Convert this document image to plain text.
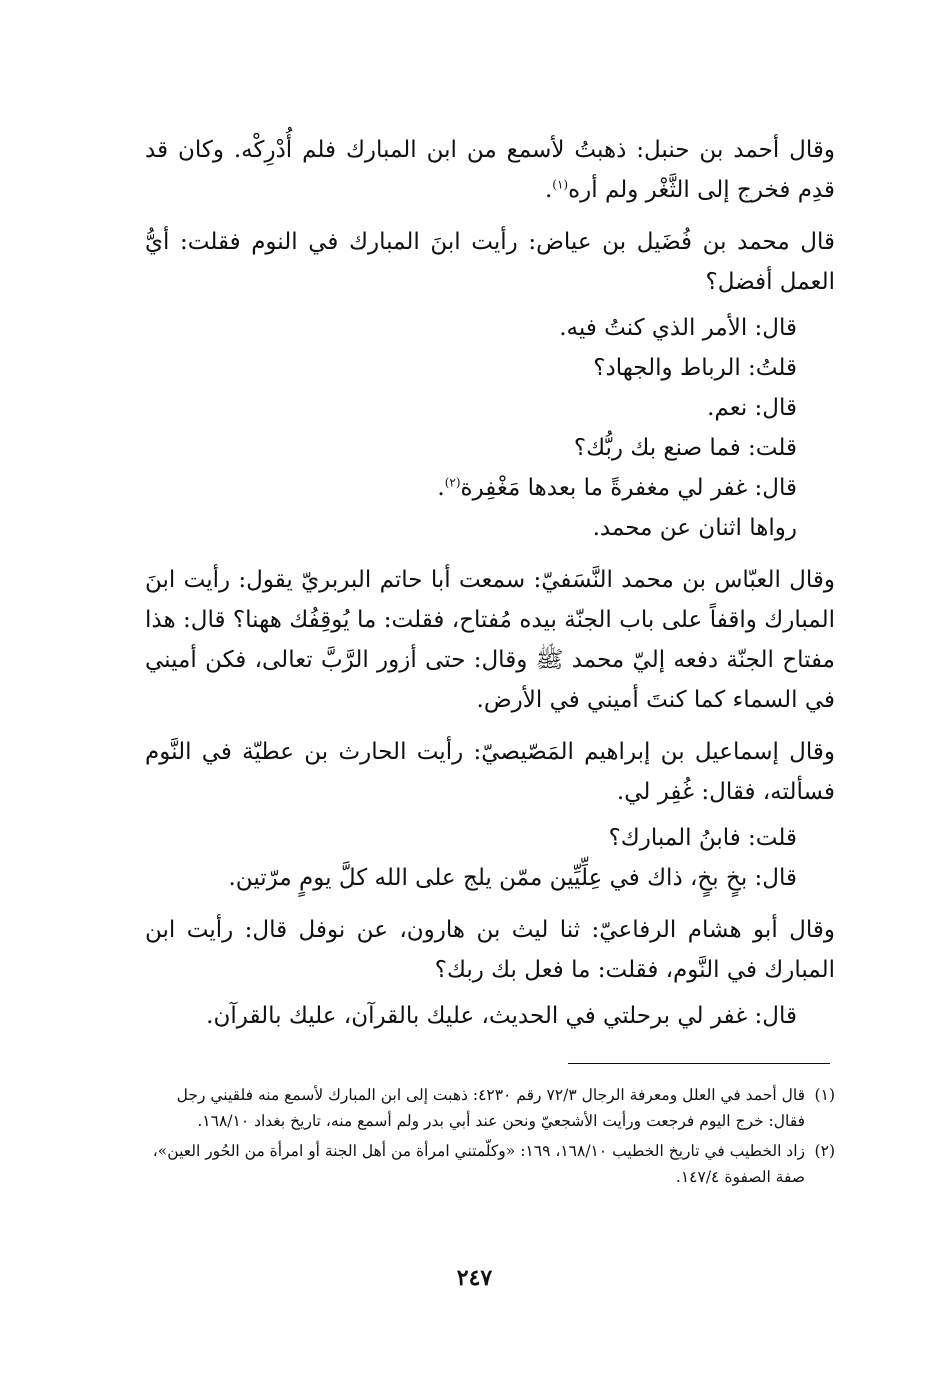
وقال أحمد بن حنبل: ذهبتُ لأسمع من ابن المبارك فلم أُدْرِكْه. وكان قد قدِم فخرج إلى الثَّغْر ولم أره$^{(١)}$.

قال محمد بن فُضَيل بن عياض: رأيت ابنَ المبارك في النوم فقلت: أيُّ العمل أفضل؟

قال: الأمر الذي كنتُ فيه.

قلتُ: الرباط والجهاد؟

قال: نعم.

قلت: فما صنع بك ربُّك؟

قال: غفر لي مغفرةً ما بعدها مَغْفِرة$^{(٢)}$.

رواها اثنان عن محمد.

وقال العبّاس بن محمد النَّسَفيّ: سمعت أبا حاتم البربريّ يقول: رأيت ابنَ المبارك واقفاً على باب الجنّة بيده مُفتاح، فقلت: ما يُوقِفُك ههنا؟ قال: هذا مفتاح الجنّة دفعه إليّ محمد ﷺ وقال: حتى أزور الرَّبَّ تعالى، فكن أميني في السماء كما كنتَ أميني في الأرض.

وقال إسماعيل بن إبراهيم المَصّيصيّ: رأيت الحارث بن عطيّة في النَّوم فسألته، فقال: غُفِر لي.

قلت: فابنُ المبارك؟

قال: بخٍ بخٍ، ذاك في عِلِّيِّين ممّن يلج على الله كلَّ يومٍ مرّتين.

وقال أبو هشام الرفاعيّ: ثنا ليث بن هارون، عن نوفل قال: رأيت ابن المبارك في النَّوم، فقلت: ما فعل بك ربك؟

قال: غفر لي برحلتي في الحديث، عليك بالقرآن، عليك بالقرآن.

(١)قال أحمد في العلل ومعرفة الرجال ٧٢/٣ رقم ٤٢٣٠: ذهبت إلى ابن المبارك لأسمع منه فلقيني رجل فقال: خرج اليوم فرجعت ورأيت الأشجعيّ ونحن عند أبي بدر ولم أسمع منه، تاريخ بغداد ١٦٨/١٠.

(٢)زاد الخطيب في تاريخ الخطيب ١٦٨/١٠، ١٦٩: «وكلّمتني امرأة من أهل الجنة أو امرأة من الحُور العين»، صفة الصفوة ١٤٧/٤.

٢٤٧
